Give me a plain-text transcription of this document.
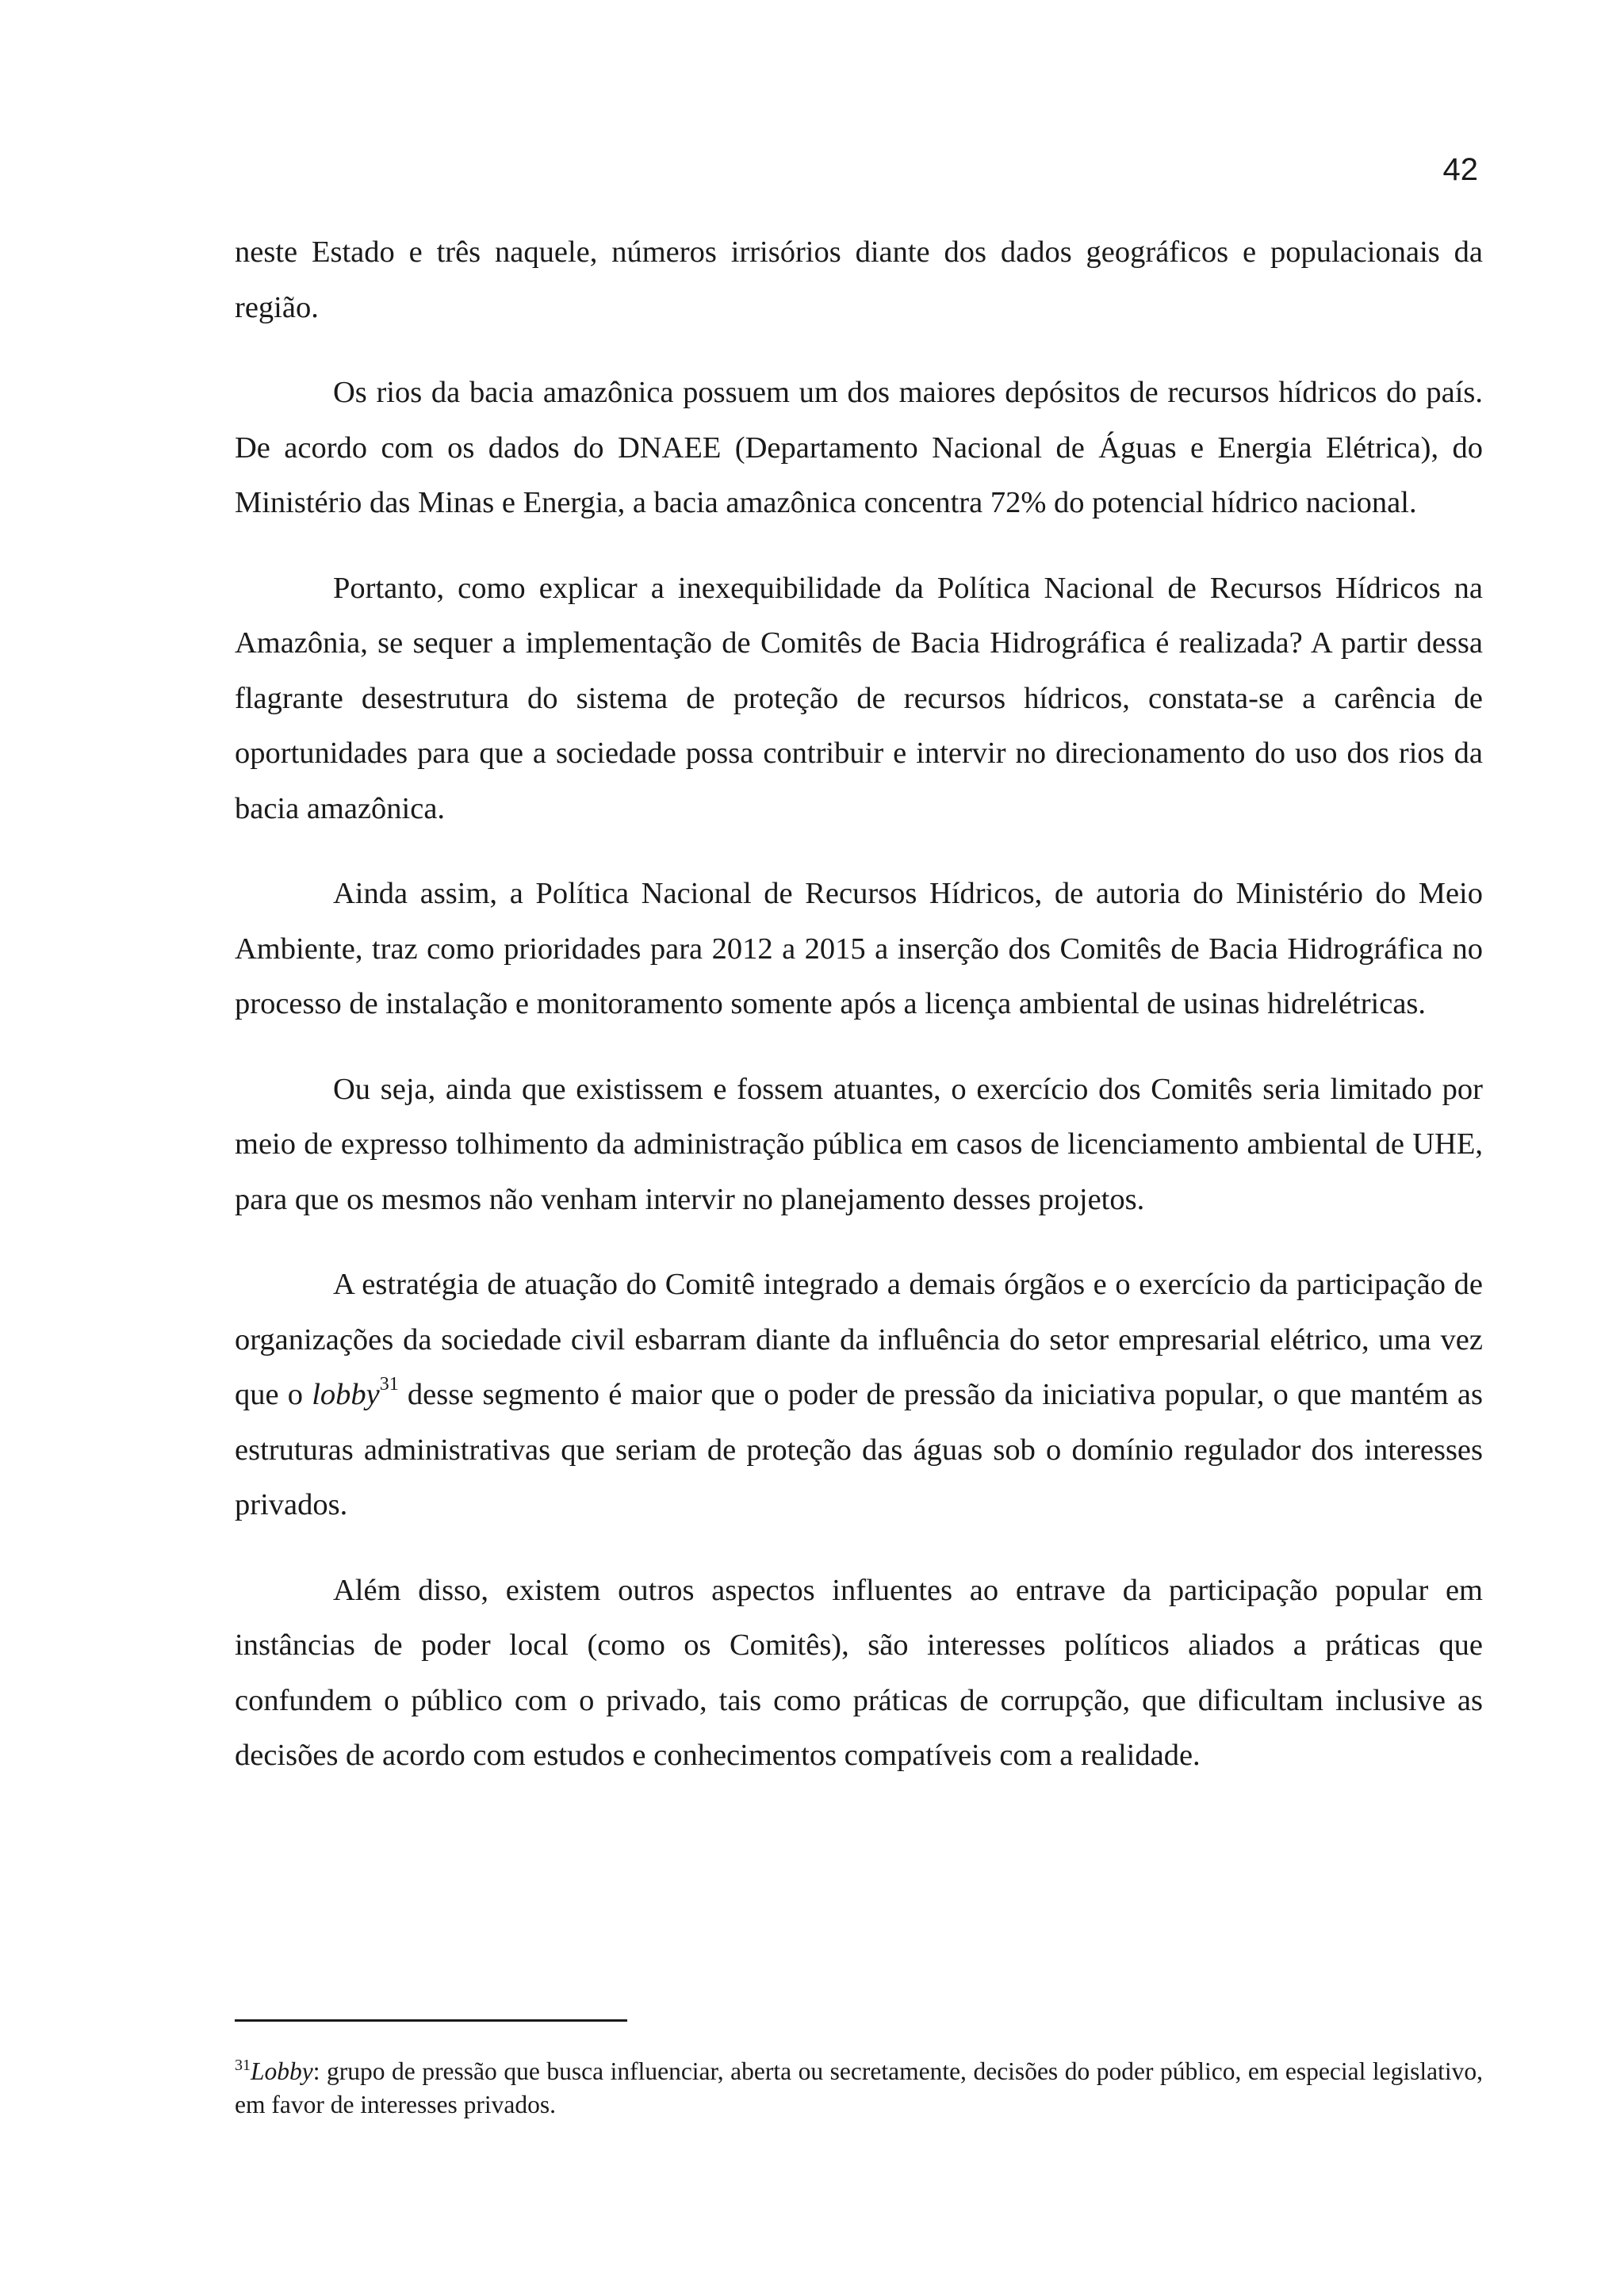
42

neste Estado e três naquele, números irrisórios diante dos dados geográficos e populacionais da região.

Os rios da bacia amazônica possuem um dos maiores depósitos de recursos hídricos do país. De acordo com os dados do DNAEE (Departamento Nacional de Águas e Energia Elétrica), do Ministério das Minas e Energia, a bacia amazônica concentra 72% do potencial hídrico nacional.

Portanto, como explicar a inexequibilidade da Política Nacional de Recursos Hídricos na Amazônia, se sequer a implementação de Comitês de Bacia Hidrográfica é realizada? A partir dessa flagrante desestrutura do sistema de proteção de recursos hídricos, constata-se a carência de oportunidades para que a sociedade possa contribuir e intervir no direcionamento do uso dos rios da bacia amazônica.

Ainda assim, a Política Nacional de Recursos Hídricos, de autoria do Ministério do Meio Ambiente, traz como prioridades para 2012 a 2015 a inserção dos Comitês de Bacia Hidrográfica no processo de instalação e monitoramento somente após a licença ambiental de usinas hidrelétricas.

Ou seja, ainda que existissem e fossem atuantes, o exercício dos Comitês seria limitado por meio de expresso tolhimento da administração pública em casos de licenciamento ambiental de UHE, para que os mesmos não venham intervir no planejamento desses projetos.

A estratégia de atuação do Comitê integrado a demais órgãos e o exercício da participação de organizações da sociedade civil esbarram diante da influência do setor empresarial elétrico, uma vez que o lobby$^{31}$ desse segmento é maior que o poder de pressão da iniciativa popular, o que mantém as estruturas administrativas que seriam de proteção das águas sob o domínio regulador dos interesses privados.

Além disso, existem outros aspectos influentes ao entrave da participação popular em instâncias de poder local (como os Comitês), são interesses políticos aliados a práticas que confundem o público com o privado, tais como práticas de corrupção, que dificultam inclusive as decisões de acordo com estudos e conhecimentos compatíveis com a realidade.

$^{31}$Lobby: grupo de pressão que busca influenciar, aberta ou secretamente, decisões do poder público, em especial legislativo, em favor de interesses privados.
